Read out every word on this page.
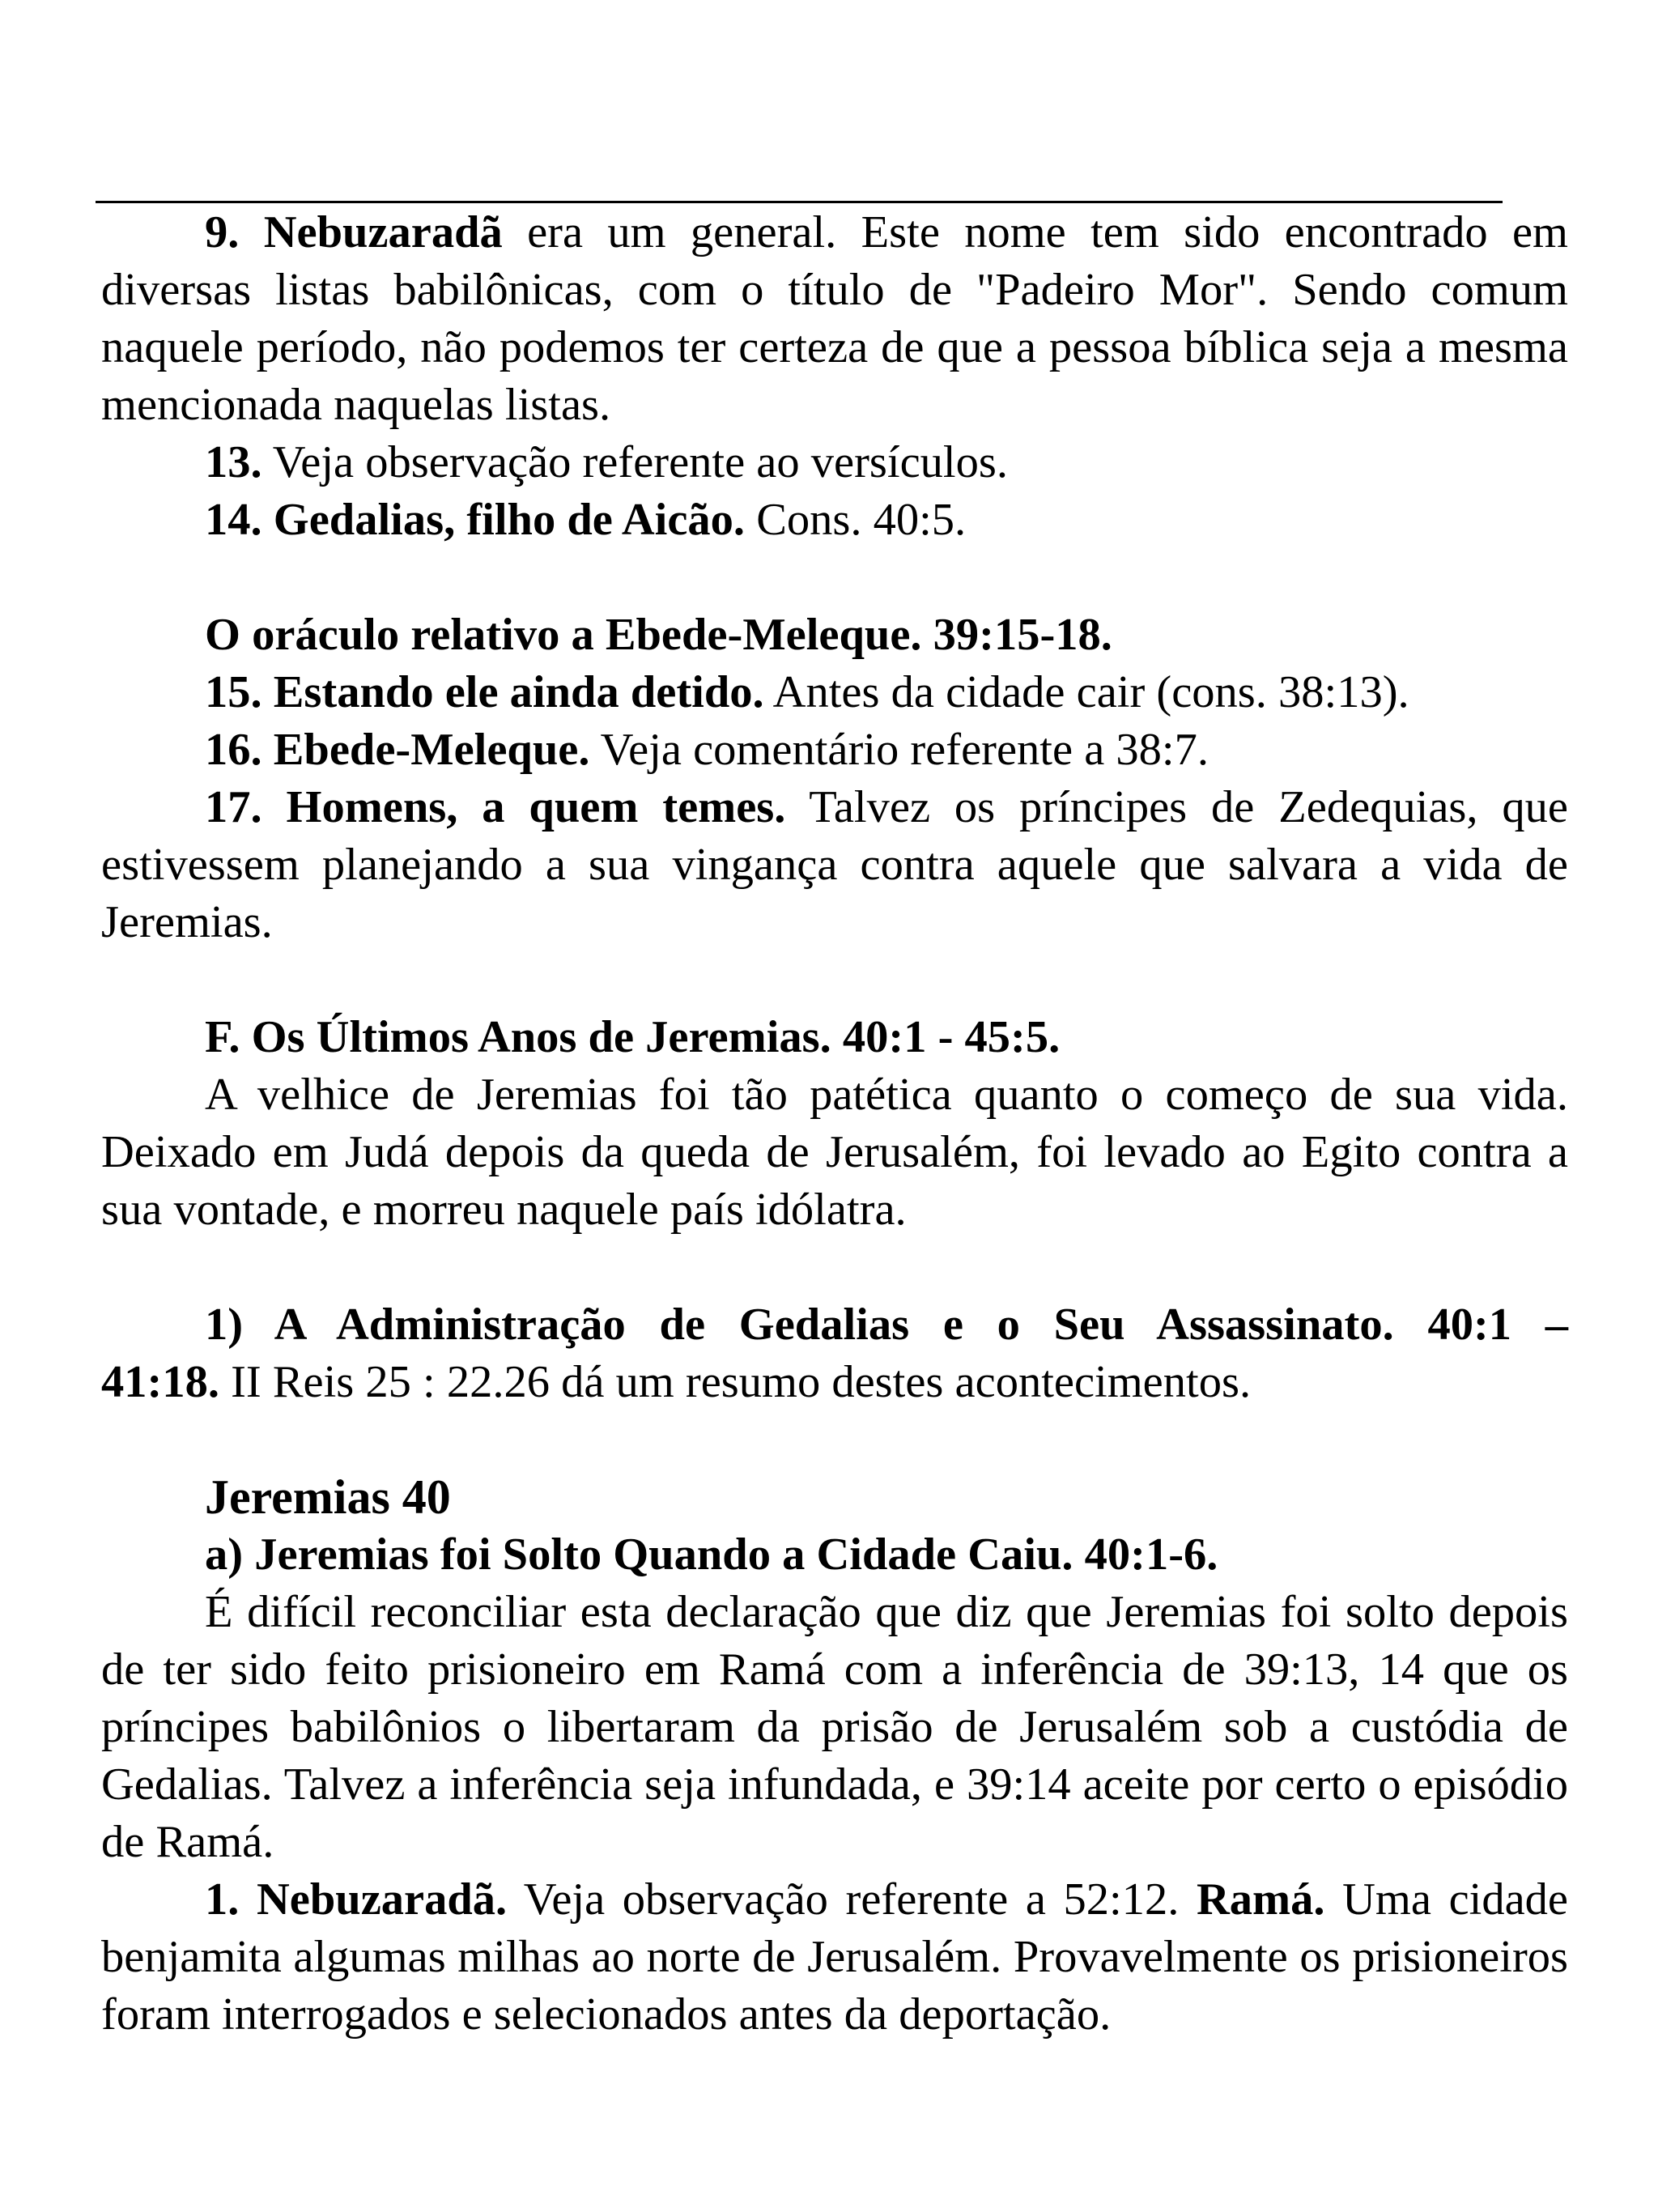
9. Nebuzaradã era um general. Este nome tem sido encontrado em diversas listas babilônicas, com o título de "Padeiro Mor". Sendo comum naquele período, não podemos ter certeza de que a pessoa bíblica seja a mesma mencionada naquelas listas.

13. Veja observação referente ao versículos.

14. Gedalias, filho de Aicão. Cons. 40:5.

O oráculo relativo a Ebede-Meleque. 39:15-18.

15. Estando ele ainda detido. Antes da cidade cair (cons. 38:13).

16. Ebede-Meleque. Veja comentário referente a 38:7.

17. Homens, a quem temes. Talvez os príncipes de Zedequias, que estivessem planejando a sua vingança contra aquele que salvara a vida de Jeremias.

F. Os Últimos Anos de Jeremias. 40:1 - 45:5.

A velhice de Jeremias foi tão patética quanto o começo de sua vida. Deixado em Judá depois da queda de Jerusalém, foi levado ao Egito contra a sua vontade, e morreu naquele país idólatra.

1) A Administração de Gedalias e o Seu Assassinato. 40:1 –

41:18. II Reis 25 : 22.26 dá um resumo destes acontecimentos.

Jeremias 40

a) Jeremias foi Solto Quando a Cidade Caiu. 40:1-6.

É difícil reconciliar esta declaração que diz que Jeremias foi solto depois de ter sido feito prisioneiro em Ramá com a inferência de 39:13, 14 que os príncipes babilônios o libertaram da prisão de Jerusalém sob a custódia de Gedalias. Talvez a inferência seja infundada, e 39:14 aceite por certo o episódio de Ramá.

1. Nebuzaradã. Veja observação referente a 52:12. Ramá. Uma cidade benjamita algumas milhas ao norte de Jerusalém. Provavelmente os prisioneiros foram interrogados e selecionados antes da deportação.
